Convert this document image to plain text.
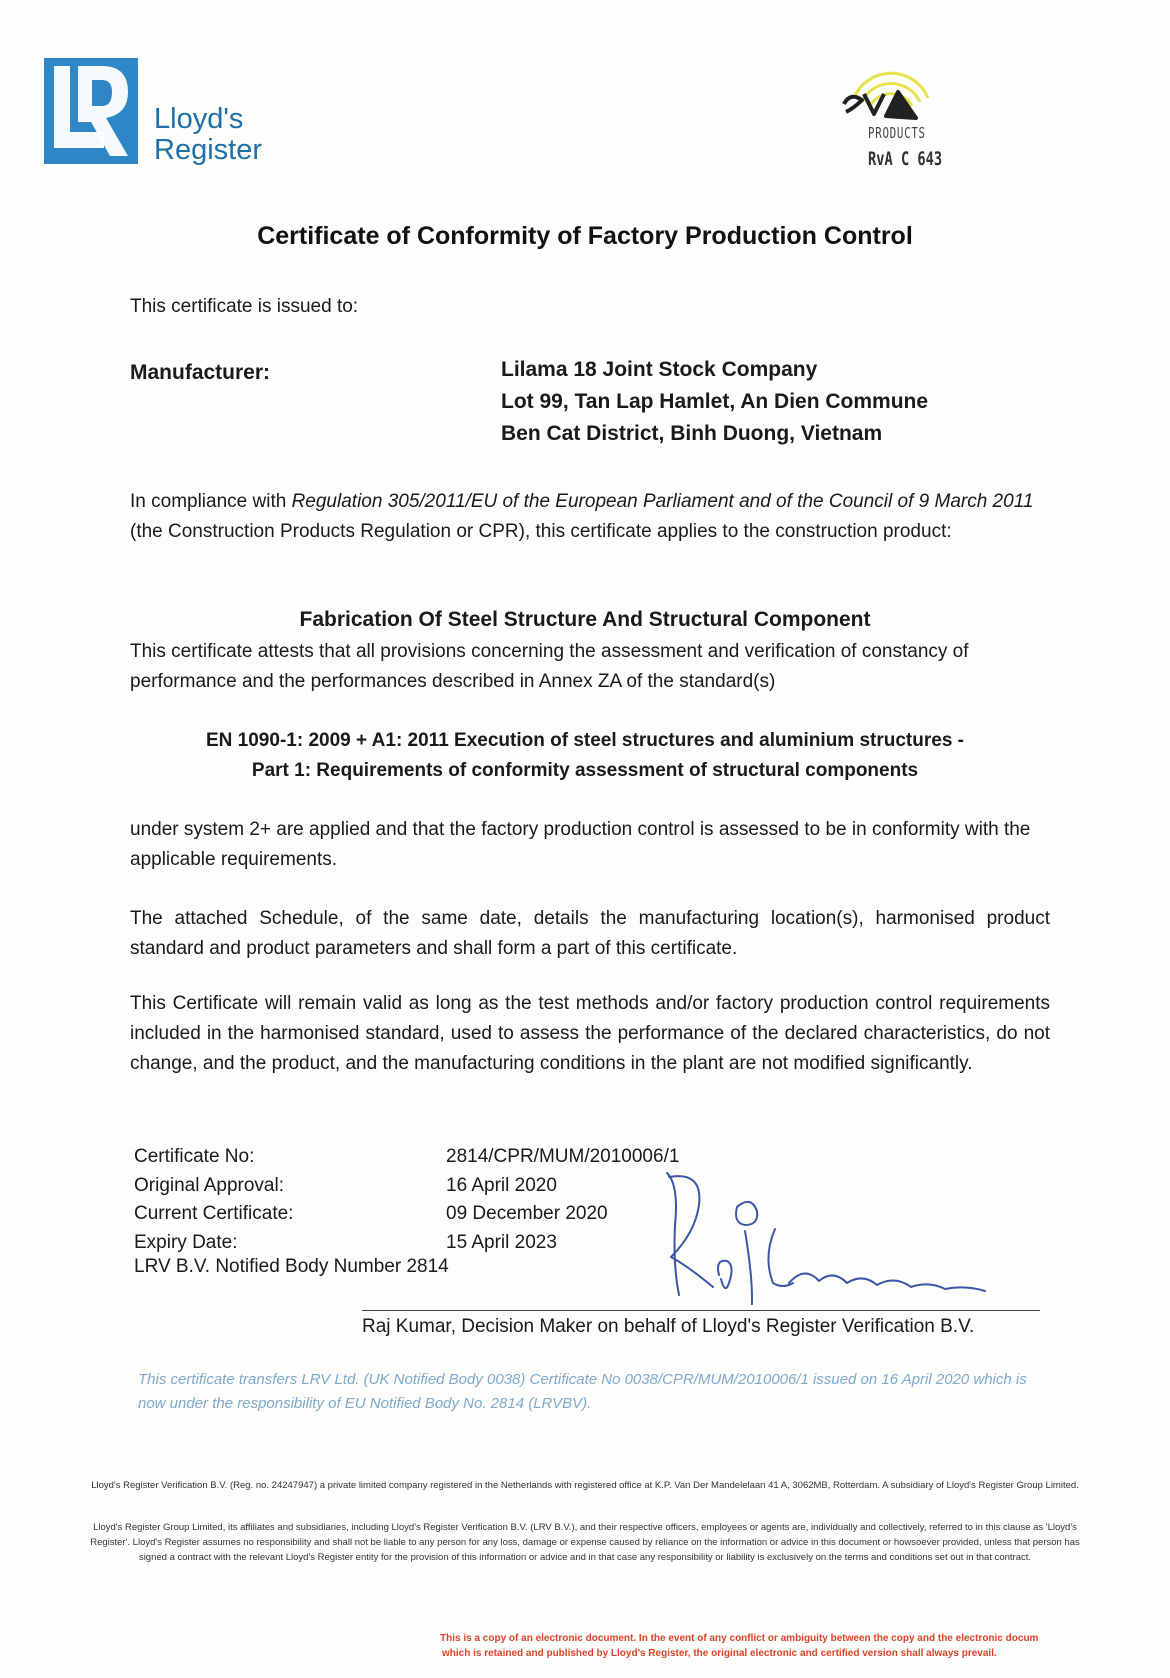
Lloyd's
Register
PRODUCTS
RvA C 643
Certificate of Conformity of Factory Production Control
This certificate is issued to:
Manufacturer:	Lilama 18 Joint Stock Company
Lot 99, Tan Lap Hamlet, An Dien Commune
Ben Cat District, Binh Duong, Vietnam
In compliance with Regulation 305/2011/EU of the European Parliament and of the Council of 9 March 2011 (the Construction Products Regulation or CPR), this certificate applies to the construction product:
Fabrication Of Steel Structure And Structural Component
This certificate attests that all provisions concerning the assessment and verification of constancy of performance and the performances described in Annex ZA of the standard(s)
EN 1090-1: 2009 + A1: 2011 Execution of steel structures and aluminium structures -
Part 1: Requirements of conformity assessment of structural components
under system 2+ are applied and that the factory production control is assessed to be in conformity with the applicable requirements.
The attached Schedule, of the same date, details the manufacturing location(s), harmonised product standard and product parameters and shall form a part of this certificate.
This Certificate will remain valid as long as the test methods and/or factory production control requirements included in the harmonised standard, used to assess the performance of the declared characteristics, do not change, and the product, and the manufacturing conditions in the plant are not modified significantly.
Certificate No:	2814/CPR/MUM/2010006/1
Original Approval:	16 April 2020
Current Certificate:	09 December 2020
Expiry Date:	15 April 2023
LRV B.V. Notified Body Number 2814
Raj Kumar, Decision Maker on behalf of Lloyd's Register Verification B.V.
This certificate transfers LRV Ltd. (UK Notified Body 0038) Certificate No 0038/CPR/MUM/2010006/1 issued on 16 April 2020 which is now under the responsibility of EU Notified Body No. 2814 (LRVBV).
Lloyd's Register Verification B.V. (Reg. no. 24247947) a private limited company registered in the Netherlands with registered office at K.P. Van Der Mandelelaan 41 A, 3062MB, Rotterdam. A subsidiary of Lloyd's Register Group Limited.
Lloyd's Register Group Limited, its affiliates and subsidiaries, including Lloyd's Register Verification B.V. (LRV B.V.), and their respective officers, employees or agents are, individually and collectively, referred to in this clause as 'Lloyd's Register'. Lloyd's Register assumes no responsibility and shall not be liable to any person for any loss, damage or expense caused by reliance on the information or advice in this document or howsoever provided, unless that person has signed a contract with the relevant Lloyd's Register entity for the provision of this information or advice and in that case any responsibility or liability is exclusively on the terms and conditions set out in that contract.
This is a copy of an electronic document. In the event of any conflict or ambiguity between the copy and the electronic docum
which is retained and published by Lloyd's Register, the original electronic and certified version shall always prevail.
